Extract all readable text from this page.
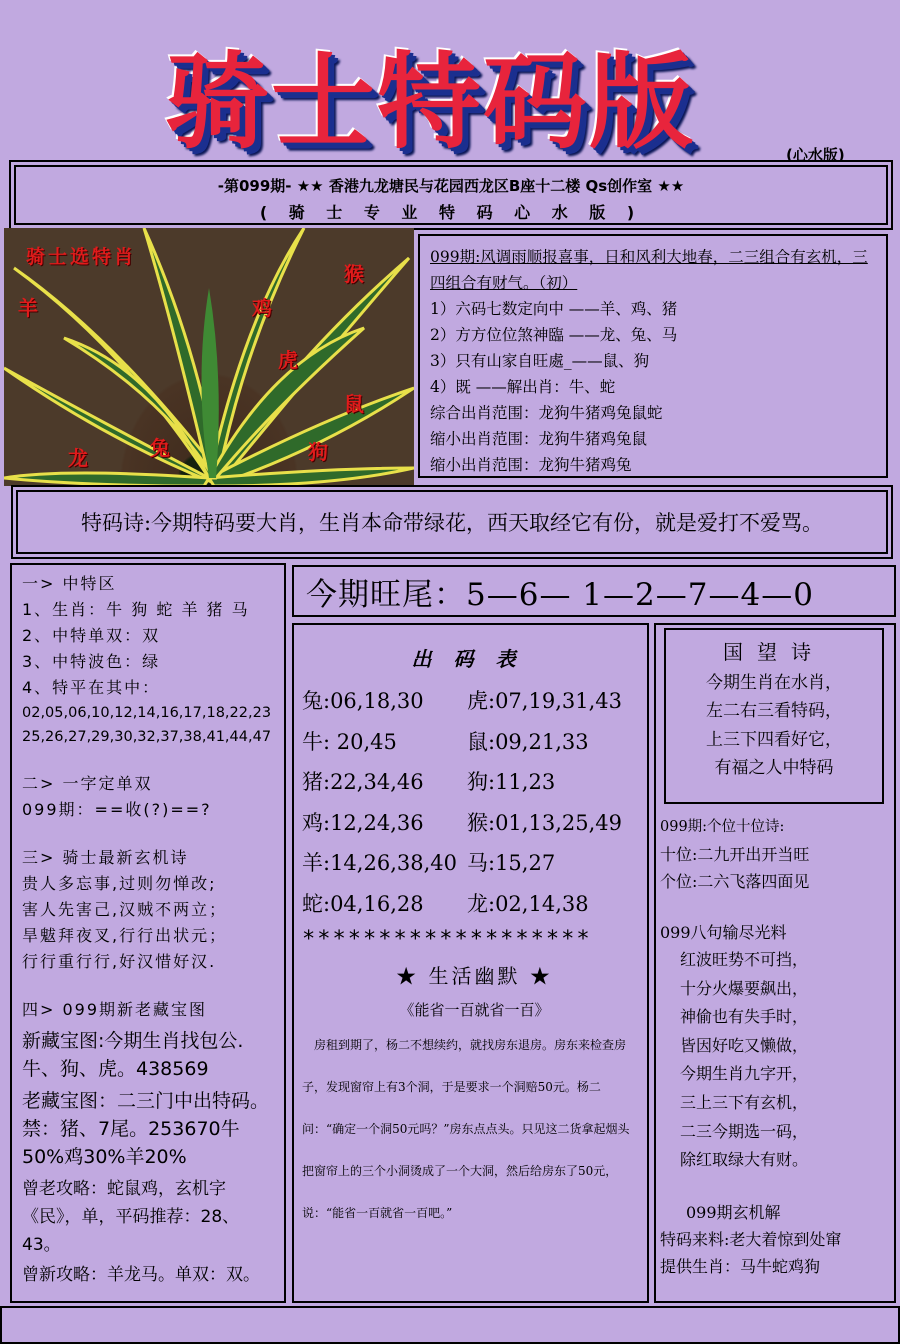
骑士特码版	(心水版)
-第099期- ★★ 香港九龙塘民与花园西龙区B座十二楼 Qs创作室 ★★
( 骑 士 专 业 特 码 心 水 版 )
骑士选特肖
猴
羊	鸡
虎
鼠
龙	兔	狗
099期:风调雨顺报喜事，日和风利大地春，二三组合有玄机，三四组合有财气。（初）
1）六码七数定向中 ——羊、鸡、猪
2）方方位位煞神臨 ——龙、兔、马
3）只有山家自旺處_——鼠、狗
4）既 ——解出肖：牛、蛇
综合出肖范围：龙狗牛猪鸡兔鼠蛇
缩小出肖范围：龙狗牛猪鸡兔鼠
缩小出肖范围：龙狗牛猪鸡兔
特码诗:今期特码要大肖，生肖本命带绿花，西天取经它有份，就是爱打不爱骂。
一> 中特区
1、生肖：牛 狗 蛇 羊 猪 马
2、中特单双：双
3、中特波色：绿
4、特平在其中：
02,05,06,10,12,14,16,17,18,22,23
25,26,27,29,30,32,37,38,41,44,47
二> 一字定单双
099期：==收(?)==?
三> 骑士最新玄机诗
贵人多忘事,过则勿惮改;
害人先害己,汉贼不两立；
旱魃拜夜叉,行行出状元；
行行重行行,好汉惜好汉.
四> 099期新老藏宝图
新藏宝图:今期生肖找包公.牛、狗、虎。438569
老藏宝图：二三门中出特码。禁：猪、7尾。253670牛50%鸡30%羊20%
曾老攻略：蛇鼠鸡，玄机字《民》，单，平码推荐：28、43。
曾新攻略：羊龙马。单双：双。
今期旺尾：5—6— 1—2—7—4—0
出码表
兔:06,18,30	虎:07,19,31,43
牛: 20,45	鼠:09,21,33
猪:22,34,46	狗:11,23
鸡:12,24,36	猴:01,13,25,49
羊:14,26,38,40 马:15,27
蛇:04,16,28	龙:02,14,38
*******************
★ 生活幽默 ★
《能省一百就省一百》
房租到期了，杨二不想续约，就找房东退房。房东来检查房子，发现窗帘上有3个洞，于是要求一个洞赔50元。杨二问：“确定一个洞50元吗？”房东点点头。只见这二货拿起烟头把窗帘上的三个小洞烫成了一个大洞，然后给房东了50元，说：“能省一百就省一百吧。”
国望诗
今期生肖在水肖，
左二右三看特码，
上三下四看好它，
有福之人中特码
099期:个位十位诗:
十位:二九开出开当旺
个位:二六飞落四面见
099八句输尽光料
红波旺势不可挡，
十分火爆要飙出，
神偷也有失手时，
皆因好吃又懒做，
今期生肖九字开，
三上三下有玄机，
二三今期选一码，
除红取绿大有财。
099期玄机解
特码来料:老大着惊到处窜
提供生肖：马牛蛇鸡狗
